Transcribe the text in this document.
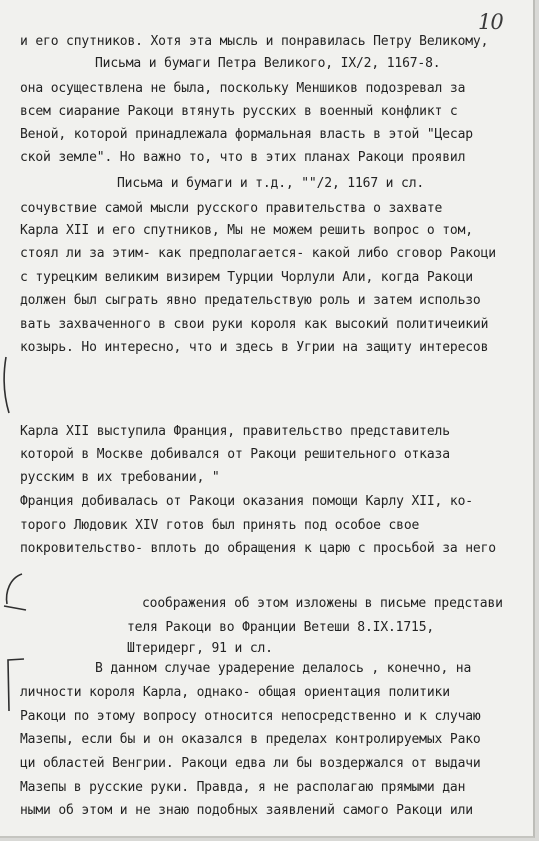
10
и его спутников. Хотя эта мысль и понравилась Петру Великому,
Письма и бумаги Петра Великого, IX/2, 1167-8.
она осуществлена не была, поскольку Меншиков подозревал за
всем сиарание Ракоци втянуть русских в военный конфликт с
Веной, которой принадлежала формальная власть в этой "Цесар
ской земле". Но важно то, что в этих планах Ракоци проявил
Письма и бумаги и т.д., ""/2, 1167 и сл.
сочувствие самой мысли русского правительства о захвате
Карла XII и его спутников, Мы не можем решить вопрос о том,
стоял ли за этим- как предполагается- какой либо сговор Ракоци
с турецким великим визирем Турции Чорлули Али, когда Ракоци
должен был сыграть явно предательствую роль и затем использо
вать захваченного в свои руки короля как высокий политичеикий
козырь. Но интересно, что и здесь в Угрии на защиту интересов
Карла XII выступила Франция, правительство представитель
которой в Москве добивался от Ракоци решительного отказа
русским в их требовании, "
Франция добивалась от Ракоци оказания помощи Карлу XII, ко-
торого Людовик XIV готов был принять под особое свое
покровительство- вплоть до обращения к царю с просьбой за него
соображения об этом изложены в письме представи
теля Ракоци во Франции Ветеши 8.IX.1715,
Штеридерг, 91 и сл.
В данном случае урадерение делалось , конечно, на
личности короля Карла, однако- общая ориентация политики
Ракоци по этому вопросу относится непосредственно и к случаю
Мазепы, если бы и он оказался в пределах контролируемых Рако
ци областей Венгрии. Ракоци едва ли бы воздержался от выдачи
Мазепы в русские руки. Правда, я не располагаю прямыми дан
ными об этом и не знаю подобных заявлений самого Ракоци или
